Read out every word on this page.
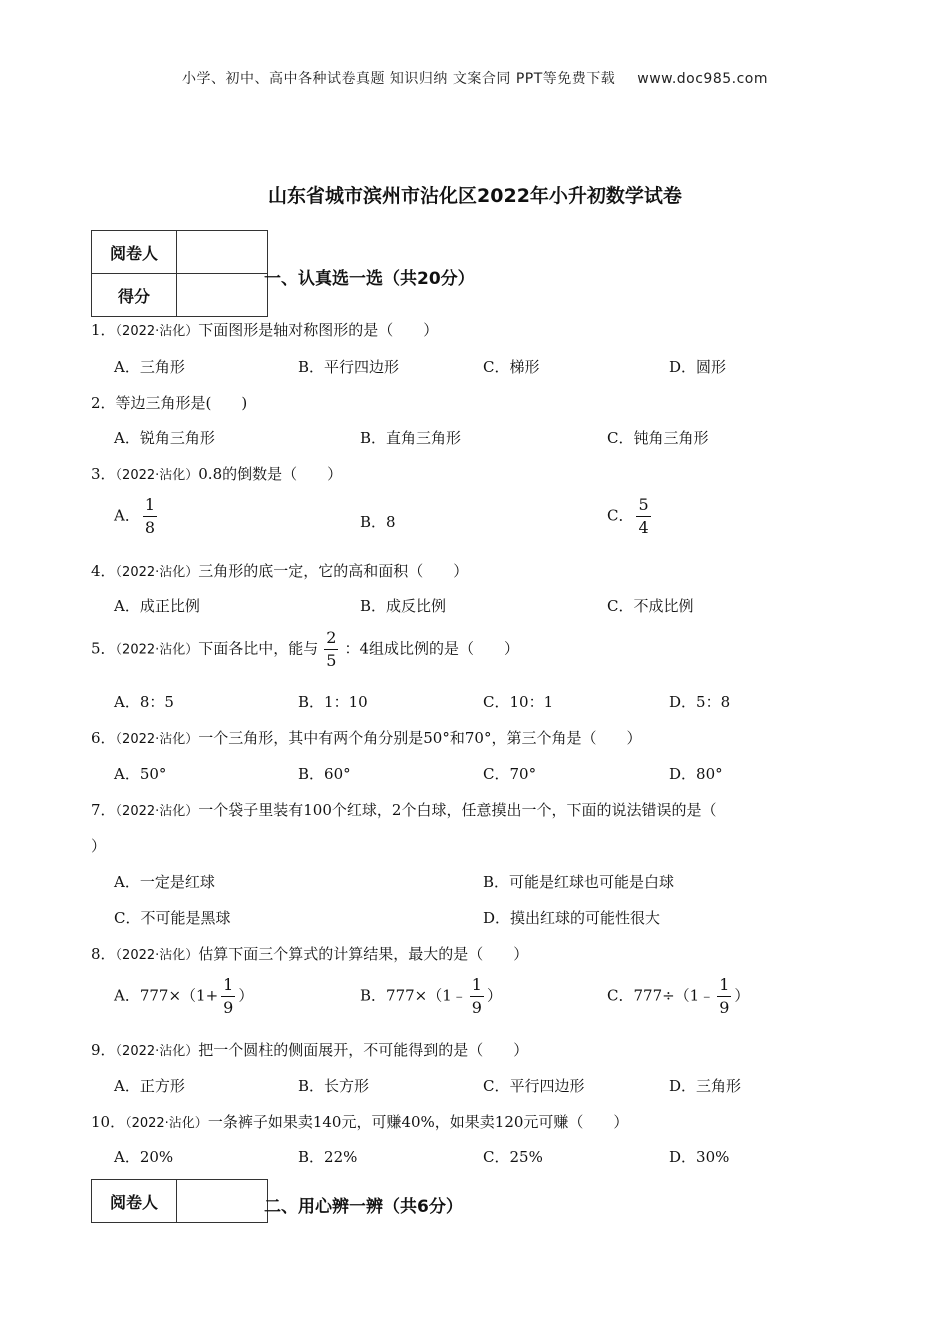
小学、初中、高中各种试卷真题 知识归纳 文案合同 PPT等免费下载 www.doc985.com
山东省城市滨州市沾化区2022年小升初数学试卷
阅卷人	
得分	
一、认真选一选（共20分）
1．（2022·沾化）下面图形是轴对称图形的是（　　）
A．三角形	B．平行四边形	C．梯形	D．圆形
2．等边三角形是(　　)
A．锐角三角形	B．直角三角形	C．钝角三角形
3．（2022·沾化）0.8的倒数是（　　）
A． $\frac{1}{8}$	B．8	C． $\frac{5}{4}$
4．（2022·沾化）三角形的底一定，它的高和面积（　　）
A．成正比例	B．成反比例	C．不成比例
5．（2022·沾化）下面各比中，能与 $\frac{2}{5}$ ：4组成比例的是（　　）
A．8：5	B．1：10	C．10：1	D．5：8
6．（2022·沾化）一个三角形，其中有两个角分别是50°和70°，第三个角是（　　）
A．50°	B．60°	C．70°	D．80°
7．（2022·沾化）一个袋子里装有100个红球，2个白球，任意摸出一个，下面的说法错误的是（
）
A．一定是红球	B．可能是红球也可能是白球
C．不可能是黑球	D．摸出红球的可能性很大
8．（2022·沾化）估算下面三个算式的计算结果，最大的是（　　）
A．$777\times(1+ \frac{1}{9}$ ）	B．777×（1﹣ $\frac{1}{9}$ ）	C．777÷（1﹣ $\frac{1}{9}$ ）
9．（2022·沾化）把一个圆柱的侧面展开，不可能得到的是（　　）
A．正方形	B．长方形	C．平行四边形	D．三角形
10．（2022·沾化）一条裤子如果卖140元，可赚40%，如果卖120元可赚（　　）
A．20%	B．22%	C．25%	D．30%
阅卷人		二、用心辨一辨（共6分）
